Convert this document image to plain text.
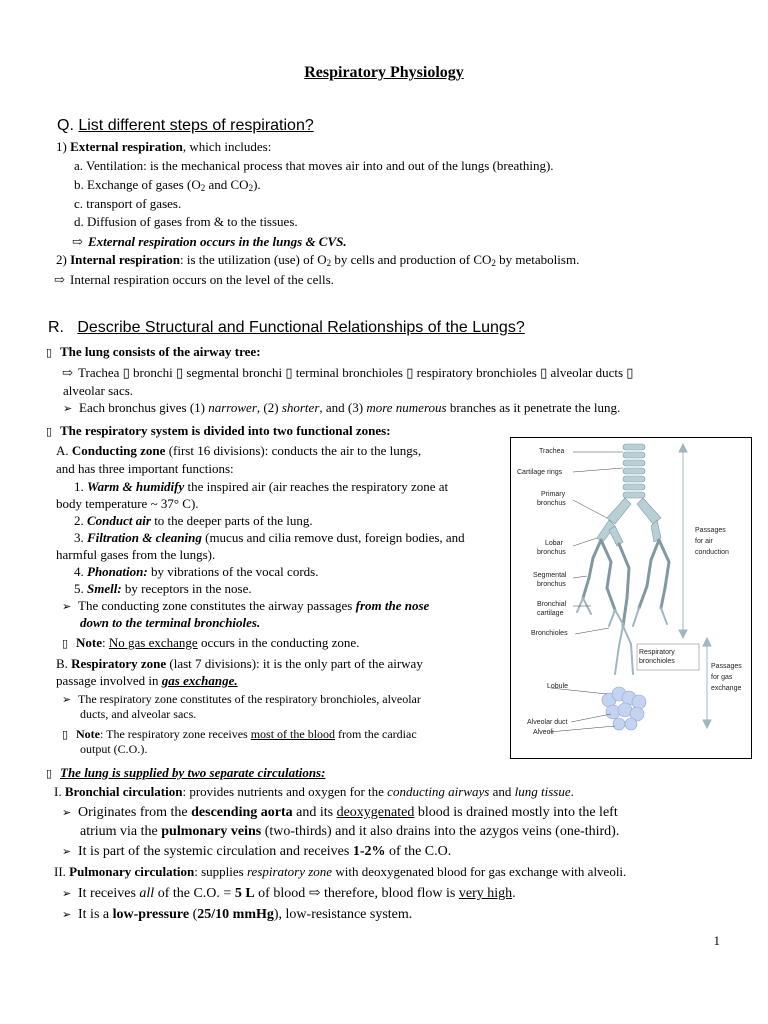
Respiratory Physiology
Q. List different steps of respiration?
1) External respiration, which includes:
a. Ventilation: is the mechanical process that moves air into and out of the lungs (breathing).
b. Exchange of gases ($O_2$ and $CO_2$).
c. transport of gases.
d. Diffusion of gases from & to the tissues.
⇨ External respiration occurs in the lungs & CVS.
2) Internal respiration: is the utilization (use) of $O_2$ by cells and production of $CO_2$ by metabolism.
⇨ Internal respiration occurs on the level of the cells.
R. Describe Structural and Functional Relationships of the Lungs?
▯ The lung consists of the airway tree:
⇨ Trachea ▯ bronchi ▯ segmental bronchi ▯ terminal bronchioles ▯ respiratory bronchioles ▯ alveolar ducts ▯
alveolar sacs.
➢ Each bronchus gives (1) narrower, (2) shorter, and (3) more numerous branches as it penetrate the lung.
▯ The respiratory system is divided into two functional zones:
A. Conducting zone (first 16 divisions): conducts the air to the lungs,
and has three important functions:
1. Warm & humidify the inspired air (air reaches the respiratory zone at
body temperature ~ 37° C).
2. Conduct air to the deeper parts of the lung.
3. Filtration & cleaning (mucus and cilia remove dust, foreign bodies, and
harmful gases from the lungs).
4. Phonation: by vibrations of the vocal cords.
5. Smell: by receptors in the nose.
➢ The conducting zone constitutes the airway passages from the nose
down to the terminal bronchioles.
▯ Note: No gas exchange occurs in the conducting zone.
B. Respiratory zone (last 7 divisions): it is the only part of the airway
passage involved in gas exchange.
➢ The respiratory zone constitutes of the respiratory bronchioles, alveolar
ducts, and alveolar sacs.
▯ Note: The respiratory zone receives most of the blood from the cardiac
output (C.O.).
▯ The lung is supplied by two separate circulations:
I. Bronchial circulation: provides nutrients and oxygen for the conducting airways and lung tissue.
➢ Originates from the descending aorta and its deoxygenated blood is drained mostly into the left
atrium via the pulmonary veins (two-thirds) and it also drains into the azygos veins (one-third).
➢ It is part of the systemic circulation and receives 1-2% of the C.O.
II. Pulmonary circulation: supplies respiratory zone with deoxygenated blood for gas exchange with alveoli.
➢ It receives all of the C.O. = 5 L of blood ⇨ therefore, blood flow is very high.
➢ It is a low-pressure (25/10 mmHg), low-resistance system.
1
Trachea
Cartilage rings
Primary
bronchus
Lobar
bronchus
Segmental
bronchus
Bronchial
cartilage
Bronchioles
Respiratory
bronchioles
Lobule
Alveolar duct
Alveoli
Passages
for air
conduction
Passages
for gas
exchange
